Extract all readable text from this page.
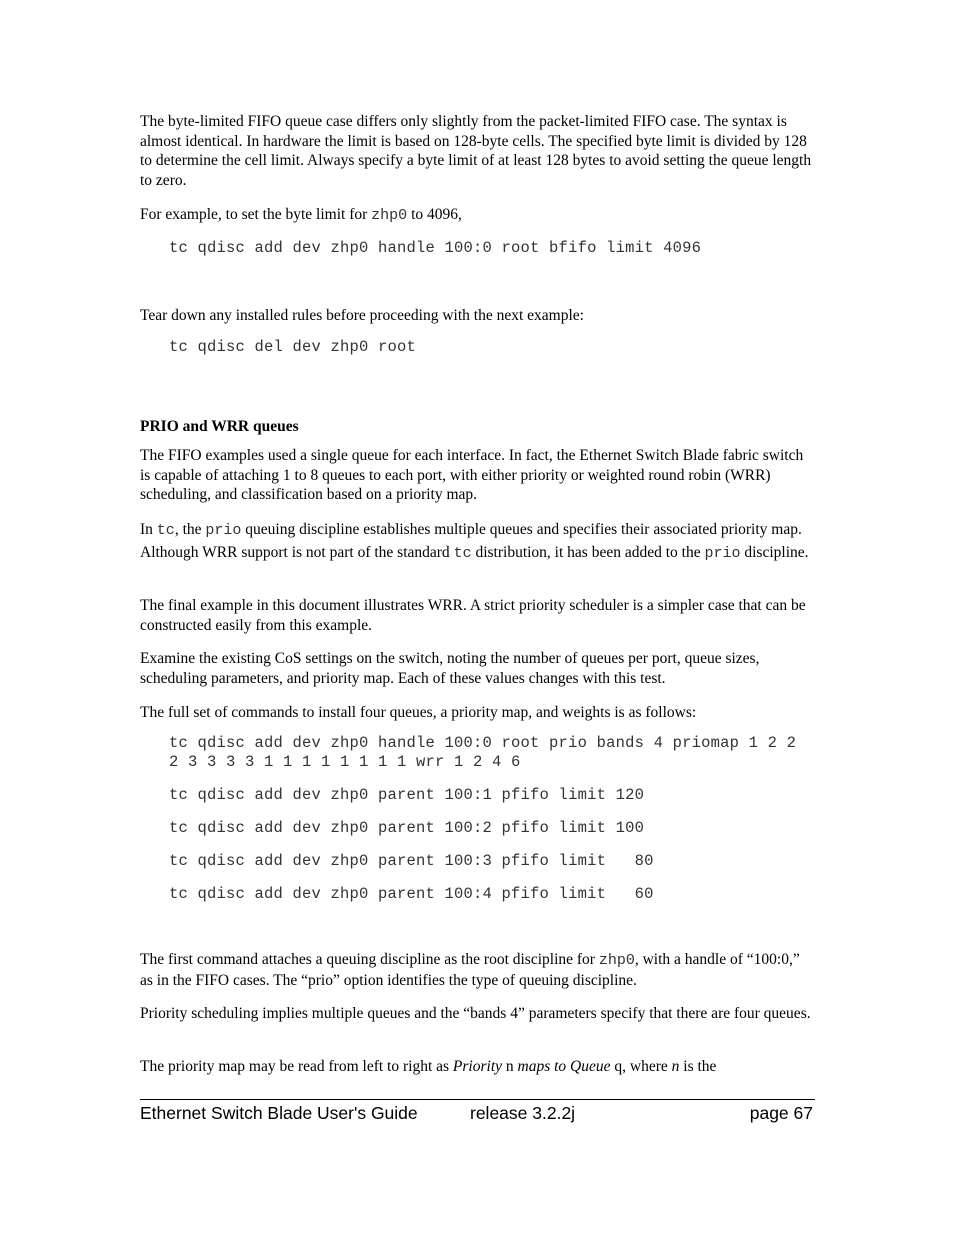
The byte-limited FIFO queue case differs only slightly from the packet-limited FIFO case. The syntax is almost identical. In hardware the limit is based on 128-byte cells. The specified byte limit is divided by 128 to determine the cell limit. Always specify a byte limit of at least 128 bytes to avoid setting the queue length to zero.

For example, to set the byte limit for zhp0 to 4096,

tc qdisc add dev zhp0 handle 100:0 root bfifo limit 4096

Tear down any installed rules before proceeding with the next example:

tc qdisc del dev zhp0 root

PRIO and WRR queues

The FIFO examples used a single queue for each interface. In fact, the Ethernet Switch Blade fabric switch is capable of attaching 1 to 8 queues to each port, with either priority or weighted round robin (WRR) scheduling, and classification based on a priority map.

In tc, the prio queuing discipline establishes multiple queues and specifies their associated priority map. Although WRR support is not part of the standard tc distribution, it has been added to the prio discipline.

The final example in this document illustrates WRR. A strict priority scheduler is a simpler case that can be constructed easily from this example.

Examine the existing CoS settings on the switch, noting the number of queues per port, queue sizes, scheduling parameters, and priority map. Each of these values changes with this test.

The full set of commands to install four queues, a priority map, and weights is as follows:

tc qdisc add dev zhp0 handle 100:0 root prio bands 4 priomap 1 2 2 2 3 3 3 3 1 1 1 1 1 1 1 1 wrr 1 2 4 6
tc qdisc add dev zhp0 parent 100:1 pfifo limit 120
tc qdisc add dev zhp0 parent 100:2 pfifo limit 100
tc qdisc add dev zhp0 parent 100:3 pfifo limit   80
tc qdisc add dev zhp0 parent 100:4 pfifo limit   60

The first command attaches a queuing discipline as the root discipline for zhp0, with a handle of “100:0,” as in the FIFO cases. The “prio” option identifies the type of queuing discipline.

Priority scheduling implies multiple queues and the “bands 4” parameters specify that there are four queues.

The priority map may be read from left to right as Priority n maps to Queue q, where n is the

Ethernet Switch Blade User's Guide	release 3.2.2j	page 67
